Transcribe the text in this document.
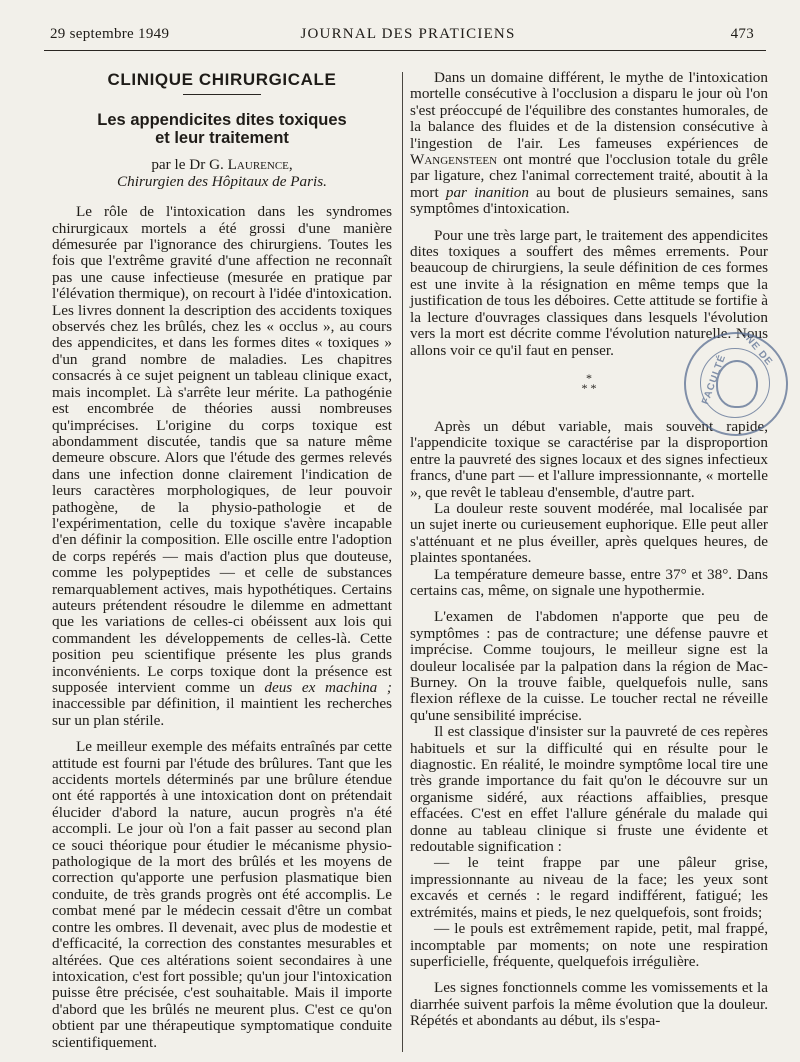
29 septembre 1949	JOURNAL DES PRATICIENS	473
CLINIQUE CHIRURGICALE
Les appendicites dites toxiques
et leur traitement

par le Dr G. Laurence,

Chirurgien des Hôpitaux de Paris.

Le rôle de l'intoxication dans les syndromes chirurgicaux mortels a été grossi d'une manière démesurée par l'ignorance des chirurgiens. Toutes les fois que l'extrême gravité d'une affection ne reconnaît pas une cause infectieuse (mesurée en pratique par l'élévation thermique), on recourt à l'idée d'intoxication. Les livres donnent la description des accidents toxiques observés chez les brûlés, chez les « occlus », au cours des appendicites, et dans les formes dites « toxiques » d'un grand nombre de maladies. Les chapitres consacrés à ce sujet peignent un tableau clinique exact, mais incomplet. Là s'arrête leur mérite. La pathogénie est encombrée de théories aussi nombreuses qu'imprécises. L'origine du corps toxique est abondamment discutée, tandis que sa nature même demeure obscure. Alors que l'étude des germes relevés dans une infection donne clairement l'indication de leurs caractères morphologiques, de leur pouvoir pathogène, de la physio-pathologie et de l'expérimentation, celle du toxique s'avère incapable d'en définir la composition. Elle oscille entre l'adoption de corps repérés — mais d'action plus que douteuse, comme les polypeptides — et celle de substances remarquablement actives, mais hypothétiques. Certains auteurs prétendent résoudre le dilemme en admettant que les variations de celles-ci obéissent aux lois qui commandent les développements de celles-là. Cette position peu scientifique présente les plus grands inconvénients. Le corps toxique dont la présence est supposée intervient comme un deus ex machina ; inaccessible par définition, il maintient les recherches sur un plan stérile.

Le meilleur exemple des méfaits entraînés par cette attitude est fourni par l'étude des brûlures. Tant que les accidents mortels déterminés par une brûlure étendue ont été rapportés à une intoxication dont on prétendait élucider d'abord la nature, aucun progrès n'a été accompli. Le jour où l'on a fait passer au second plan ce souci théorique pour étudier le mécanisme physio-pathologique de la mort des brûlés et les moyens de correction qu'apporte une perfusion plasmatique bien conduite, de très grands progrès ont été accomplis. Le combat mené par le médecin cessait d'être un combat contre les ombres. Il devenait, avec plus de modestie et d'efficacité, la correction des constantes mesurables et altérées. Que ces altérations soient secondaires à une intoxication, c'est fort possible; qu'un jour l'intoxication puisse être précisée, c'est souhaitable. Mais il importe d'abord que les brûlés ne meurent plus. C'est ce qu'on obtient par une thérapeutique symptomatique conduite scientifiquement.

Dans un domaine différent, le mythe de l'intoxication mortelle consécutive à l'occlusion a disparu le jour où l'on s'est préoccupé de l'équilibre des constantes humorales, de la balance des fluides et de la distension consécutive à l'ingestion de l'air. Les fameuses expériences de Wangensteen ont montré que l'occlusion totale du grêle par ligature, chez l'animal correctement traité, aboutit à la mort par inanition au bout de plusieurs semaines, sans symptômes d'intoxication.

Pour une très large part, le traitement des appendicites dites toxiques a souffert des mêmes errements. Pour beaucoup de chirurgiens, la seule définition de ces formes est une invite à la résignation en même temps que la justification de tous les déboires. Cette attitude se fortifie à la lecture d'ouvrages classiques dans lesquels l'évolution vers la mort est décrite comme l'évolution naturelle. Nous allons voir ce qu'il faut en penser.

*
* *

Après un début variable, mais souvent rapide, l'appendicite toxique se caractérise par la disproportion entre la pauvreté des signes locaux et des signes infectieux francs, d'une part — et l'allure impressionnante, « mortelle », que revêt le tableau d'ensemble, d'autre part.

La douleur reste souvent modérée, mal localisée par un sujet inerte ou curieusement euphorique. Elle peut aller s'atténuant et ne plus éveiller, après quelques heures, de plaintes spontanées.

La température demeure basse, entre 37° et 38°. Dans certains cas, même, on signale une hypothermie.

L'examen de l'abdomen n'apporte que peu de symptômes : pas de contracture; une défense pauvre et imprécise. Comme toujours, le meilleur signe est la douleur localisée par la palpation dans la région de Mac-Burney. On la trouve faible, quelquefois nulle, sans flexion réflexe de la cuisse. Le toucher rectal ne réveille qu'une sensibilité imprécise.

Il est classique d'insister sur la pauvreté de ces repères habituels et sur la difficulté qui en résulte pour le diagnostic. En réalité, le moindre symptôme local tire une très grande importance du fait qu'on le découvre sur un organisme sidéré, aux réactions affaiblies, presque effacées. C'est en effet l'allure générale du malade qui donne au tableau clinique si fruste une évidente et redoutable signification :

— le teint frappe par une pâleur grise, impressionnante au niveau de la face; les yeux sont excavés et cernés : le regard indifférent, fatigué; les extrémités, mains et pieds, le nez quelquefois, sont froids;

— le pouls est extrêmement rapide, petit, mal frappé, incomptable par moments; on note une respiration superficielle, fréquente, quelquefois irrégulière.

Les signes fonctionnels comme les vomissements et la diarrhée suivent parfois la même évolution que la douleur. Répétés et abondants au début, ils s'espa-

FACULTÉ
INE DE
